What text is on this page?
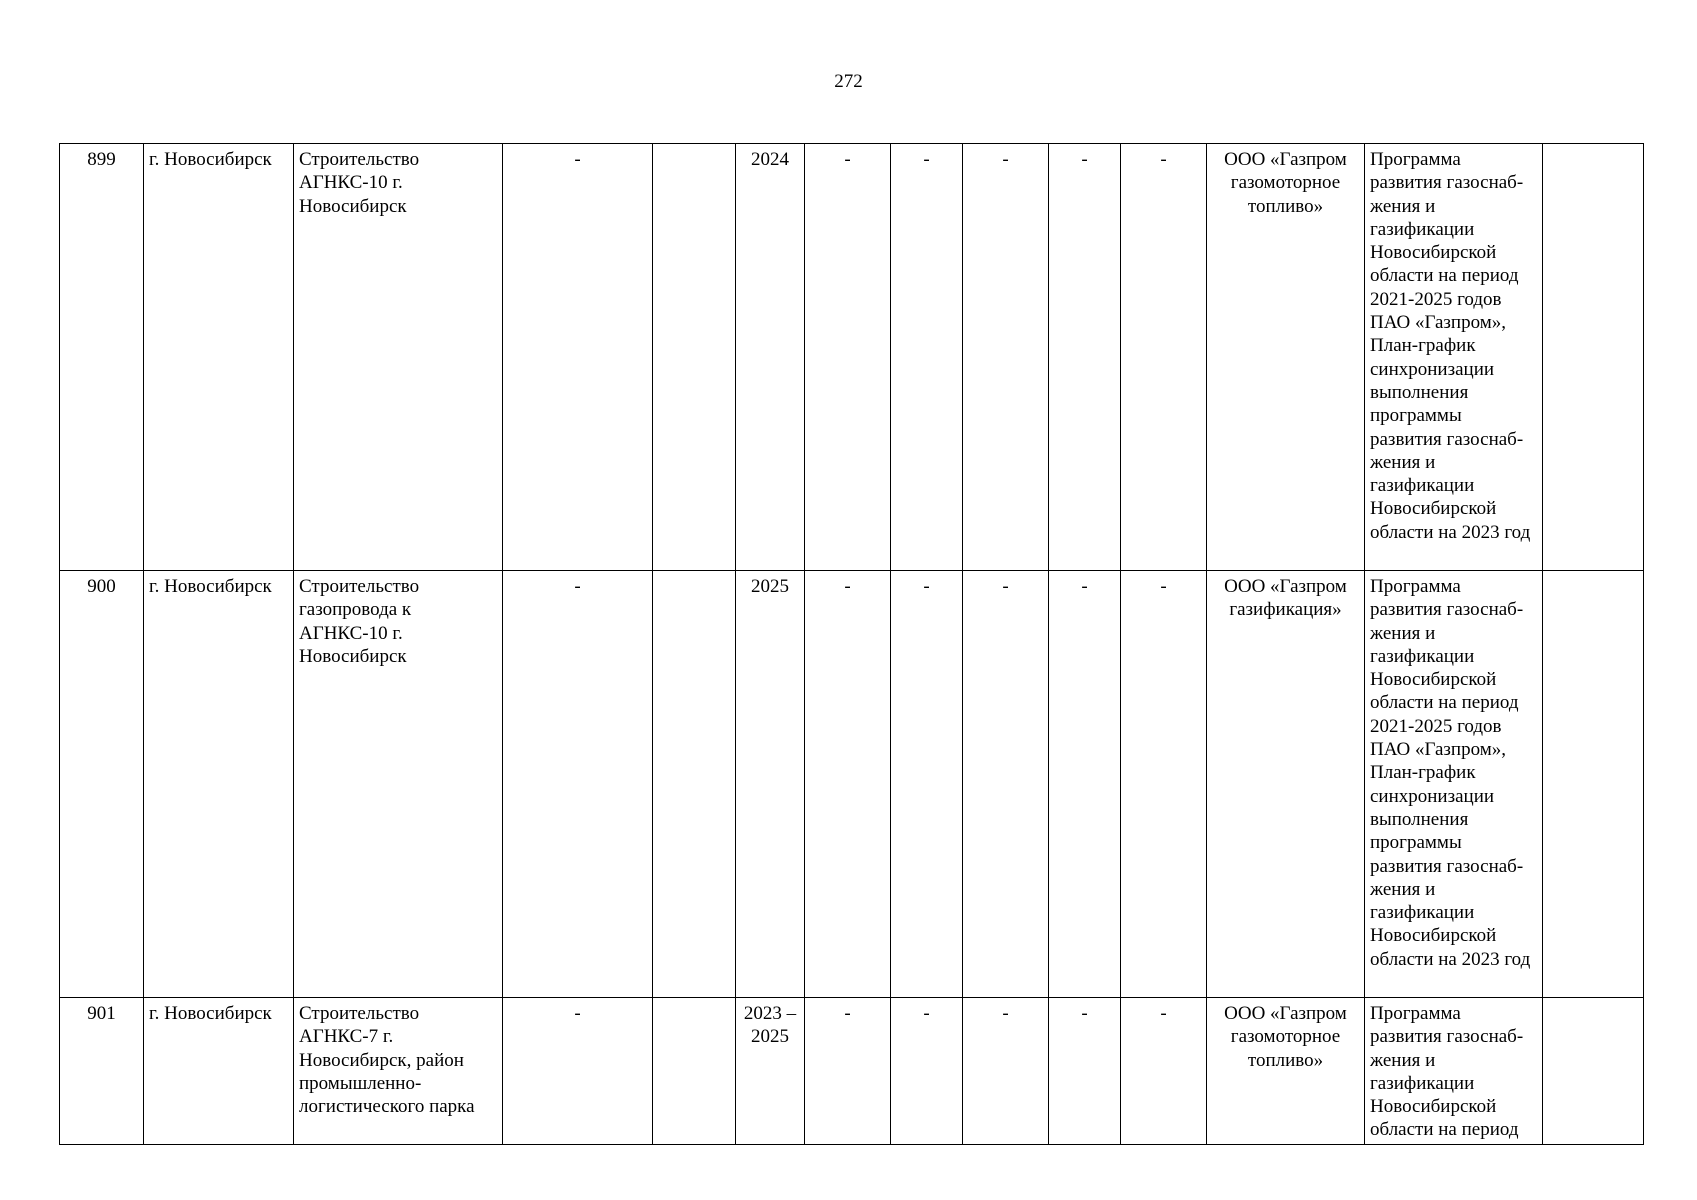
272
899	г. Новосибирск	Строительство АГНКС-10 г. Новосибирск	-		2024	-	-	-	-	-	ООО «Газпром газомоторное топливо»	Программа развития газоснаб-жения и газификации Новосибирской области на период 2021-2025 годов ПАО «Газпром», План-график синхронизации выполнения программы развития газоснаб-жения и газификации Новосибирской области на 2023 год	
900	г. Новосибирск	Строительство газопровода к АГНКС-10 г. Новосибирск	-		2025	-	-	-	-	-	ООО «Газпром газификация»	Программа развития газоснаб-жения и газификации Новосибирской области на период 2021-2025 годов ПАО «Газпром», План-график синхронизации выполнения программы развития газоснаб-жения и газификации Новосибирской области на 2023 год	
901	г. Новосибирск	Строительство АГНКС-7 г. Новосибирск, район промышленно-логистического парка	-		2023 – 2025	-	-	-	-	-	ООО «Газпром газомоторное топливо»	Программа развития газоснаб-жения и газификации Новосибирской области на период	
